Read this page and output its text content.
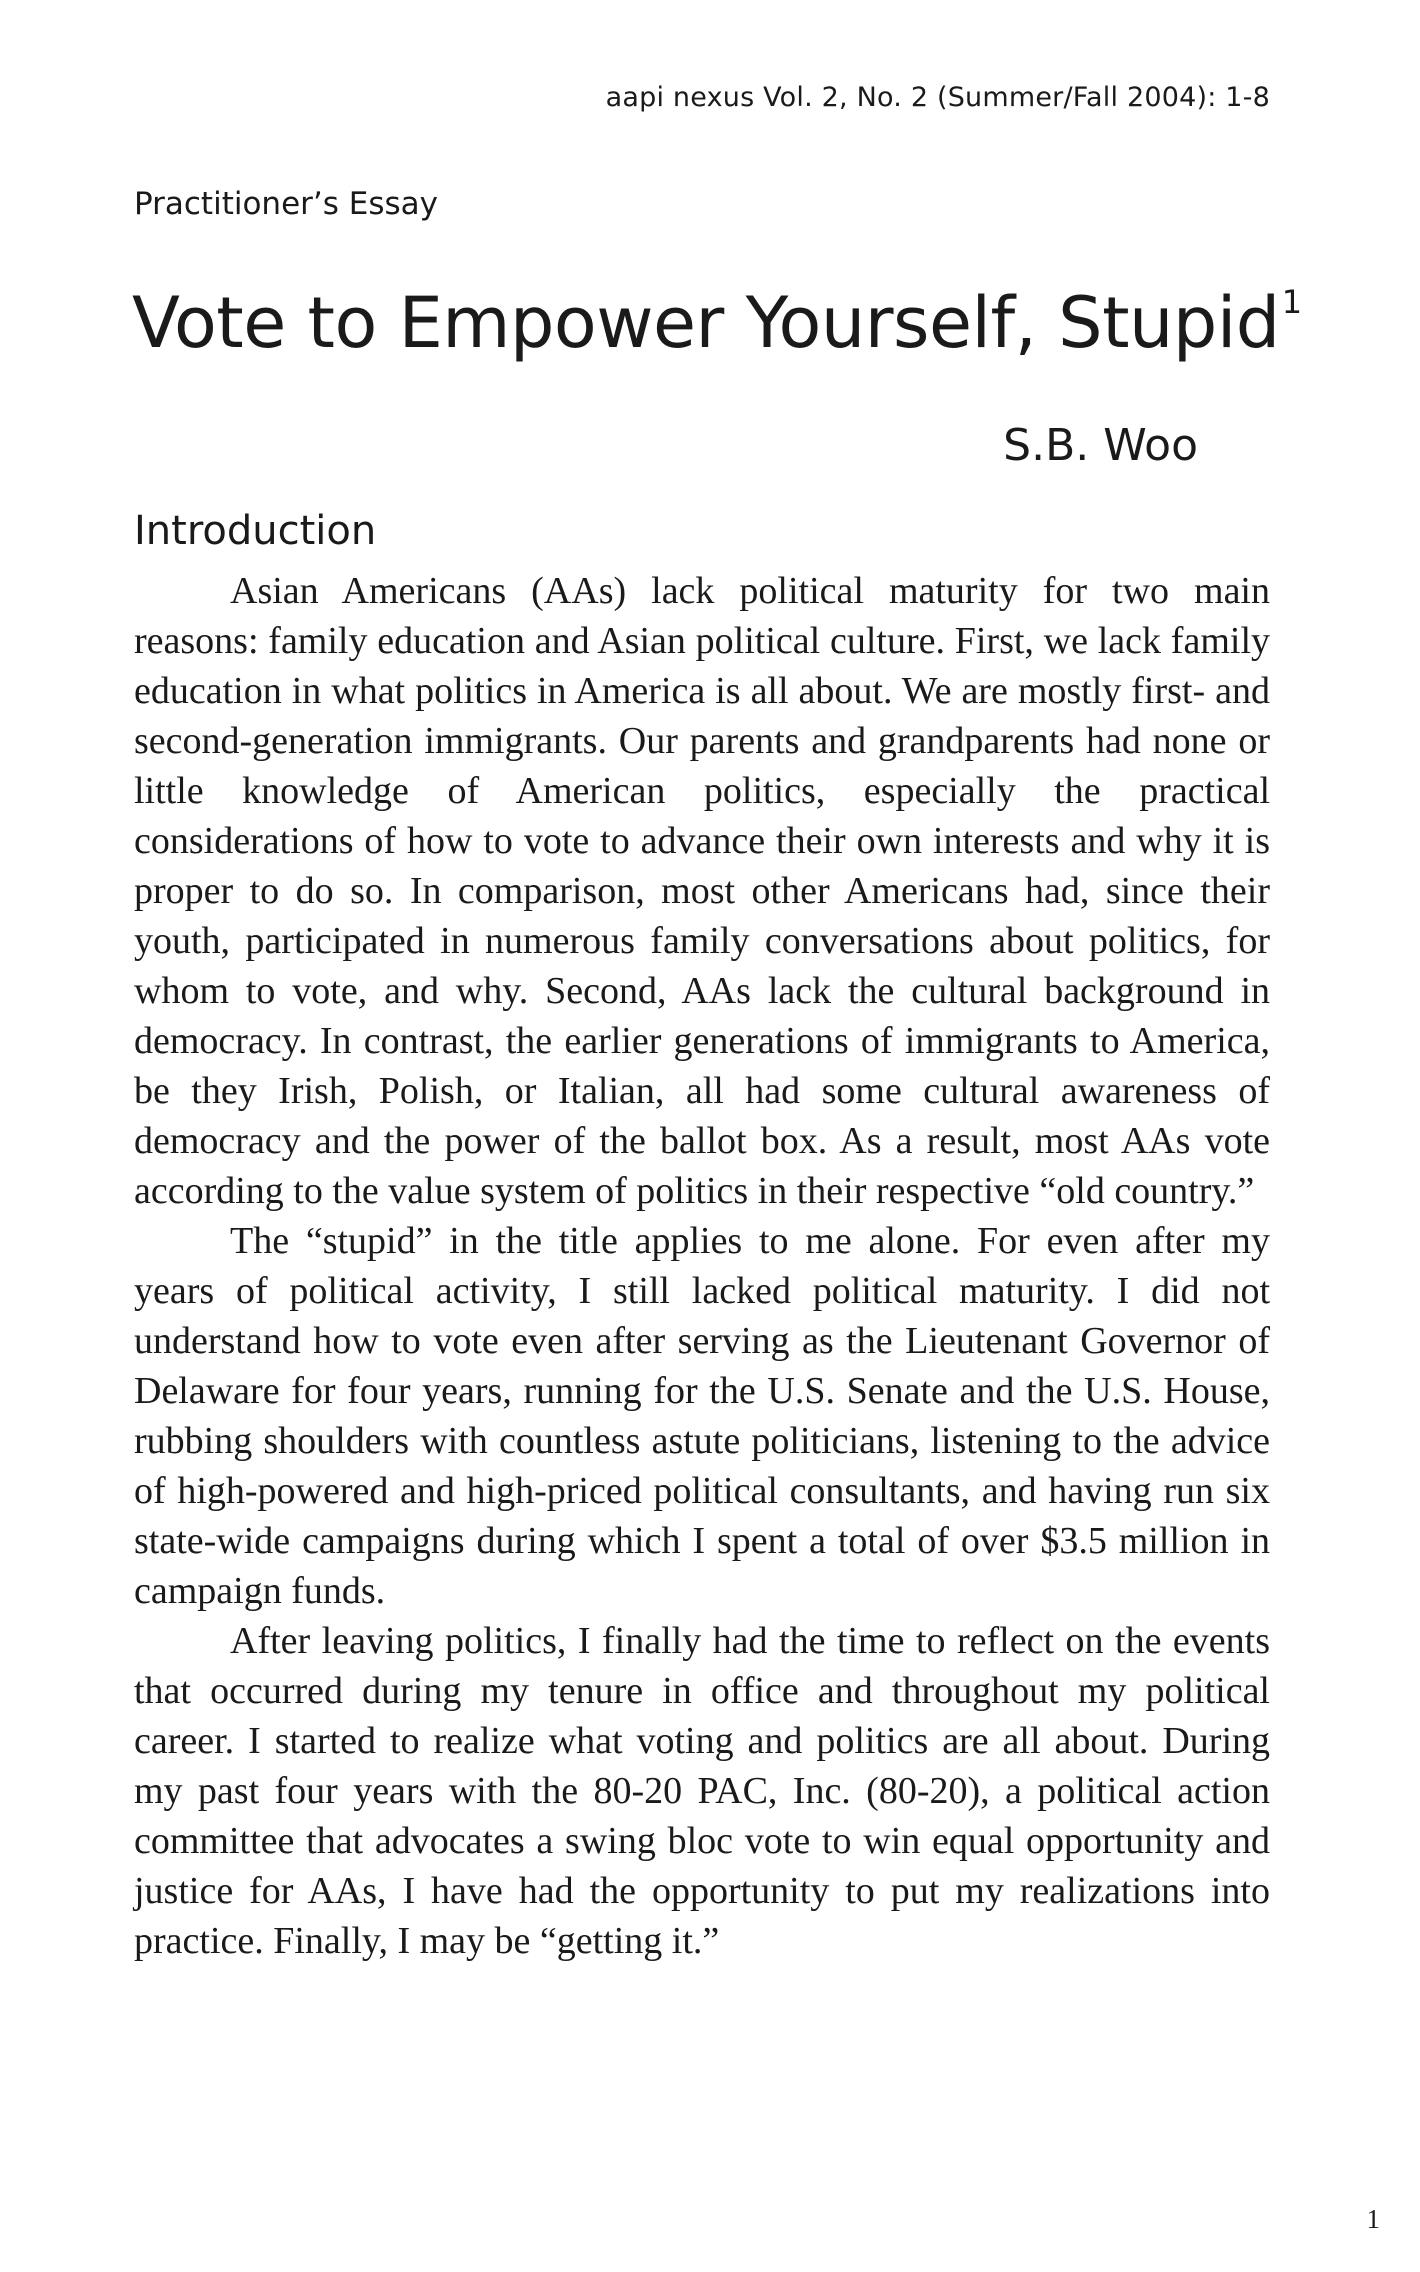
aapi nexus Vol. 2, No. 2 (Summer/Fall 2004): 1-8
Practitioner’s Essay
Vote to Empower Yourself, Stupid$^1$
S.B. Woo
Introduction

Asian Americans (AAs) lack political maturity for two main reasons: family education and Asian political culture. First, we lack family education in what politics in America is all about. We are mostly first- and second-generation immigrants. Our parents and grandparents had none or little knowledge of American politics, especially the practical considerations of how to vote to advance their own interests and why it is proper to do so. In comparison, most other Americans had, since their youth, participated in numerous family conversations about politics, for whom to vote, and why. Second, AAs lack the cultural background in democracy. In contrast, the earlier generations of immigrants to America, be they Irish, Polish, or Italian, all had some cultural awareness of democracy and the power of the ballot box. As a result, most AAs vote according to the value system of politics in their respective “old country.”

The “stupid” in the title applies to me alone. For even after my years of political activity, I still lacked political maturity. I did not understand how to vote even after serving as the Lieutenant Governor of Delaware for four years, running for the U.S. Senate and the U.S. House, rubbing shoulders with countless astute politicians, listening to the advice of high-powered and high-priced political consultants, and having run six state-wide campaigns during which I spent a total of over $3.5 million in campaign funds.

After leaving politics, I finally had the time to reflect on the events that occurred during my tenure in office and throughout my political career. I started to realize what voting and politics are all about. During my past four years with the 80-20 PAC, Inc. (80-20), a political action committee that advocates a swing bloc vote to win equal opportunity and justice for AAs, I have had the opportunity to put my realizations into practice. Finally, I may be “getting it.”

1
